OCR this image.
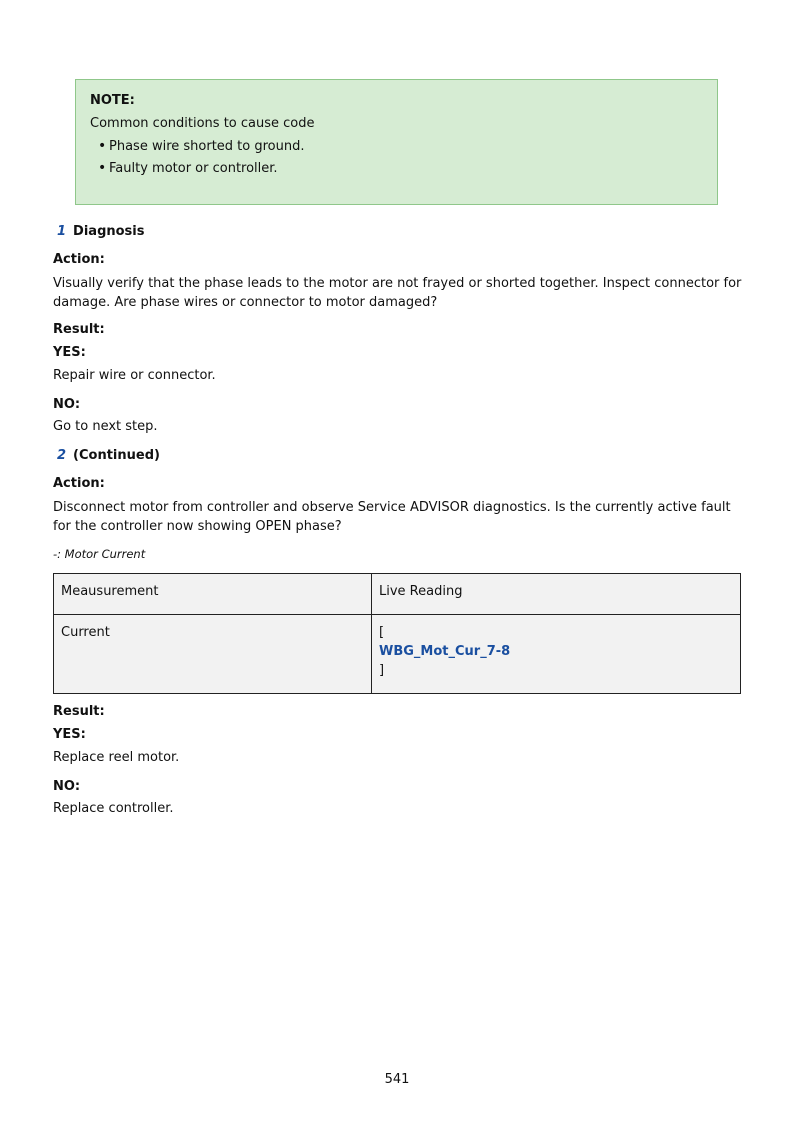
NOTE:
Common conditions to cause code
• Phase wire shorted to ground.
• Faulty motor or controller.
1 Diagnosis
Action:
Visually verify that the phase leads to the motor are not frayed or shorted together. Inspect connector for damage. Are phase wires or connector to motor damaged?
Result:
YES:
Repair wire or connector.
NO:
Go to next step.
2 (Continued)
Action:
Disconnect motor from controller and observe Service ADVISOR diagnostics. Is the currently active fault for the controller now showing OPEN phase?
-: Motor Current
Meausurement	Live Reading
Current	[
WBG_Mot_Cur_7-8
]
Result:
YES:
Replace reel motor.
NO:
Replace controller.
541
